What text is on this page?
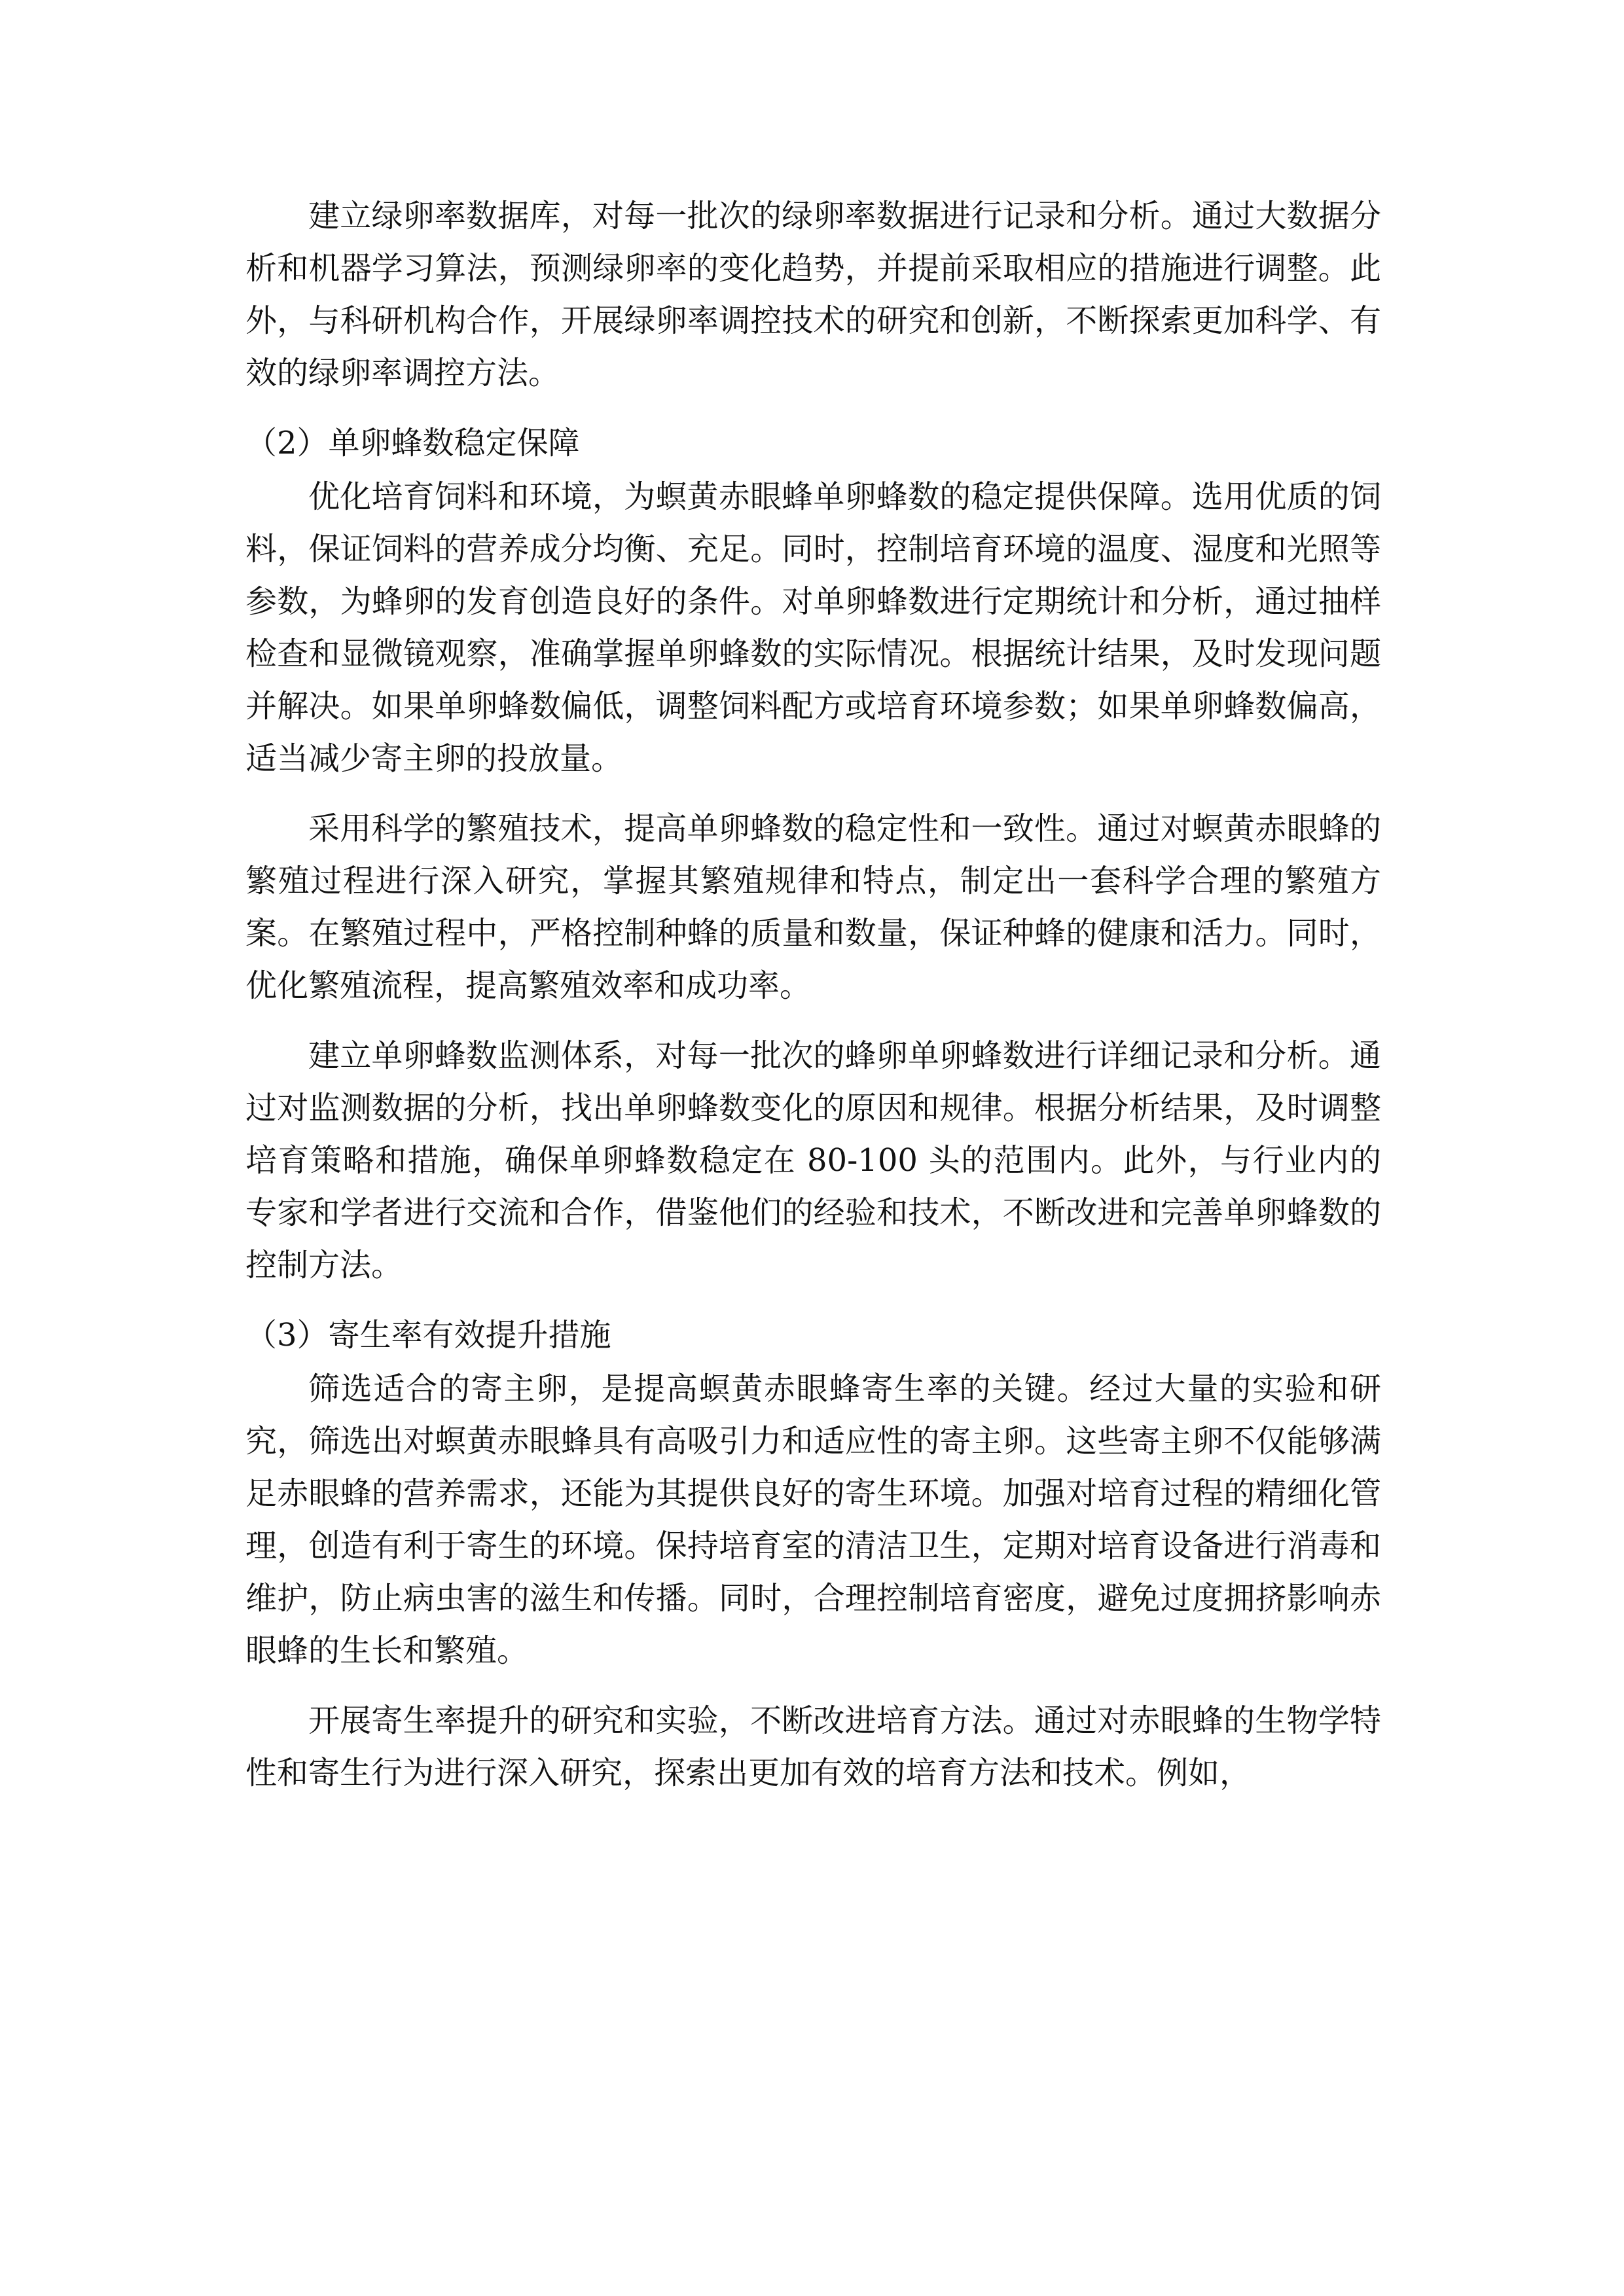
建立绿卵率数据库，对每一批次的绿卵率数据进行记录和分析。通过大数据分析和机器学习算法，预测绿卵率的变化趋势，并提前采取相应的措施进行调整。此外，与科研机构合作，开展绿卵率调控技术的研究和创新，不断探索更加科学、有效的绿卵率调控方法。

（2）单卵蜂数稳定保障

优化培育饲料和环境，为螟黄赤眼蜂单卵蜂数的稳定提供保障。选用优质的饲料，保证饲料的营养成分均衡、充足。同时，控制培育环境的温度、湿度和光照等参数，为蜂卵的发育创造良好的条件。对单卵蜂数进行定期统计和分析，通过抽样检查和显微镜观察，准确掌握单卵蜂数的实际情况。根据统计结果，及时发现问题并解决。如果单卵蜂数偏低，调整饲料配方或培育环境参数；如果单卵蜂数偏高，适当减少寄主卵的投放量。

采用科学的繁殖技术，提高单卵蜂数的稳定性和一致性。通过对螟黄赤眼蜂的繁殖过程进行深入研究，掌握其繁殖规律和特点，制定出一套科学合理的繁殖方案。在繁殖过程中，严格控制种蜂的质量和数量，保证种蜂的健康和活力。同时，优化繁殖流程，提高繁殖效率和成功率。

建立单卵蜂数监测体系，对每一批次的蜂卵单卵蜂数进行详细记录和分析。通过对监测数据的分析，找出单卵蜂数变化的原因和规律。根据分析结果，及时调整培育策略和措施，确保单卵蜂数稳定在 80-100 头的范围内。此外，与行业内的专家和学者进行交流和合作，借鉴他们的经验和技术，不断改进和完善单卵蜂数的控制方法。

（3）寄生率有效提升措施

筛选适合的寄主卵，是提高螟黄赤眼蜂寄生率的关键。经过大量的实验和研究，筛选出对螟黄赤眼蜂具有高吸引力和适应性的寄主卵。这些寄主卵不仅能够满足赤眼蜂的营养需求，还能为其提供良好的寄生环境。加强对培育过程的精细化管理，创造有利于寄生的环境。保持培育室的清洁卫生，定期对培育设备进行消毒和维护，防止病虫害的滋生和传播。同时，合理控制培育密度，避免过度拥挤影响赤眼蜂的生长和繁殖。

开展寄生率提升的研究和实验，不断改进培育方法。通过对赤眼蜂的生物学特性和寄生行为进行深入研究，探索出更加有效的培育方法和技术。例如，
